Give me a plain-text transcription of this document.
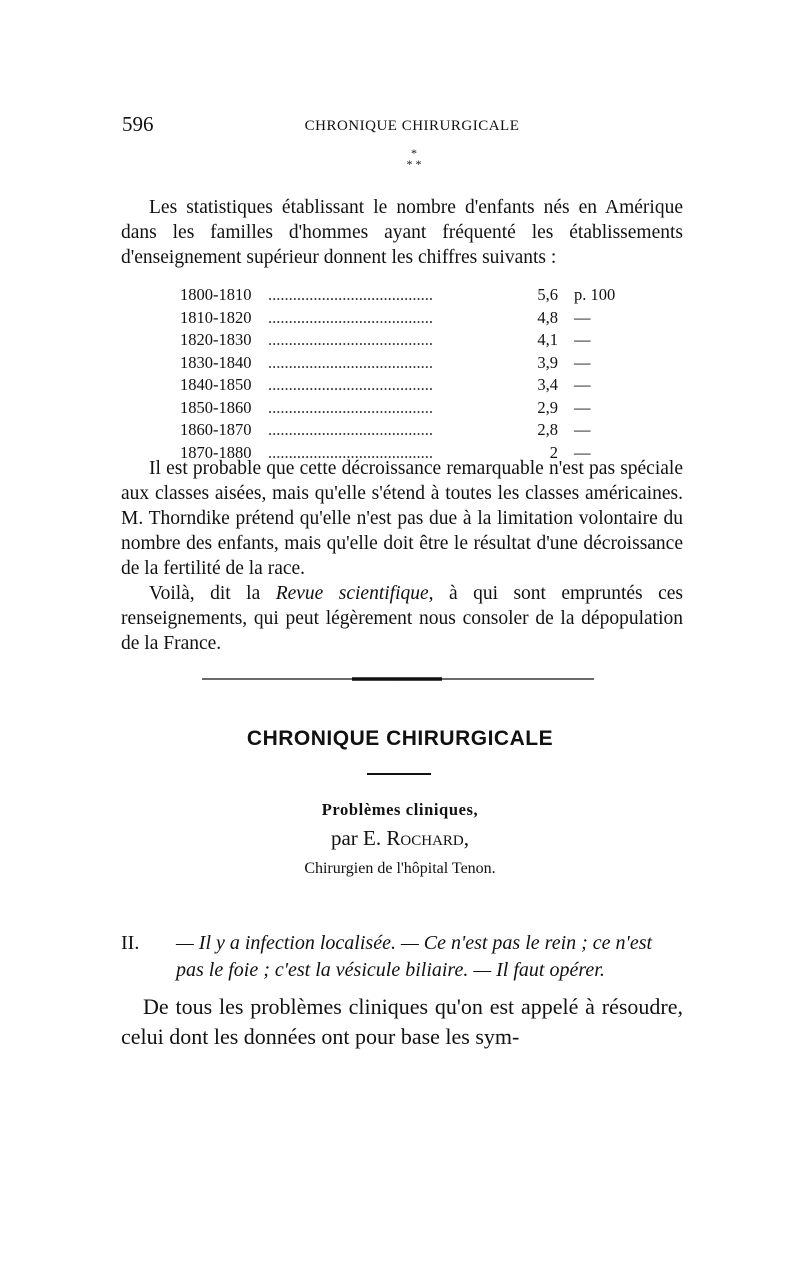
596	CHRONIQUE CHIRURGICALE
*
* *
Les statistiques établissant le nombre d'enfants nés en Amérique dans les familles d'hommes ayant fréquenté les établissements d'enseignement supérieur donnent les chiffres suivants :
1800-1810	........................................	5,6 p. 100
1810-1820	........................................	4,8 —
1820-1830	........................................	4,1 —
1830-1840	........................................	3,9 —
1840-1850	........................................	3,4 —
1850-1860	........................................	2,9 —
1860-1870	........................................	2,8 —
1870-1880	........................................	2 —
Il est probable que cette décroissance remarquable n'est pas spéciale aux classes aisées, mais qu'elle s'étend à toutes les classes américaines. M. Thorndike prétend qu'elle n'est pas due à la limitation volontaire du nombre des enfants, mais qu'elle doit être le résultat d'une décroissance de la fertilité de la race.
Voilà, dit la Revue scientifique, à qui sont empruntés ces renseignements, qui peut légèrement nous consoler de la dépopulation de la France.
CHRONIQUE CHIRURGICALE
Problèmes cliniques,
par E. Rochard,
Chirurgien de l'hôpital Tenon.
II. — Il y a infection localisée. — Ce n'est pas le rein ; ce n'est
pas le foie ; c'est la vésicule biliaire. — Il faut opérer.
De tous les problèmes cliniques qu'on est appelé à résoudre, celui dont les données ont pour base les sym-
